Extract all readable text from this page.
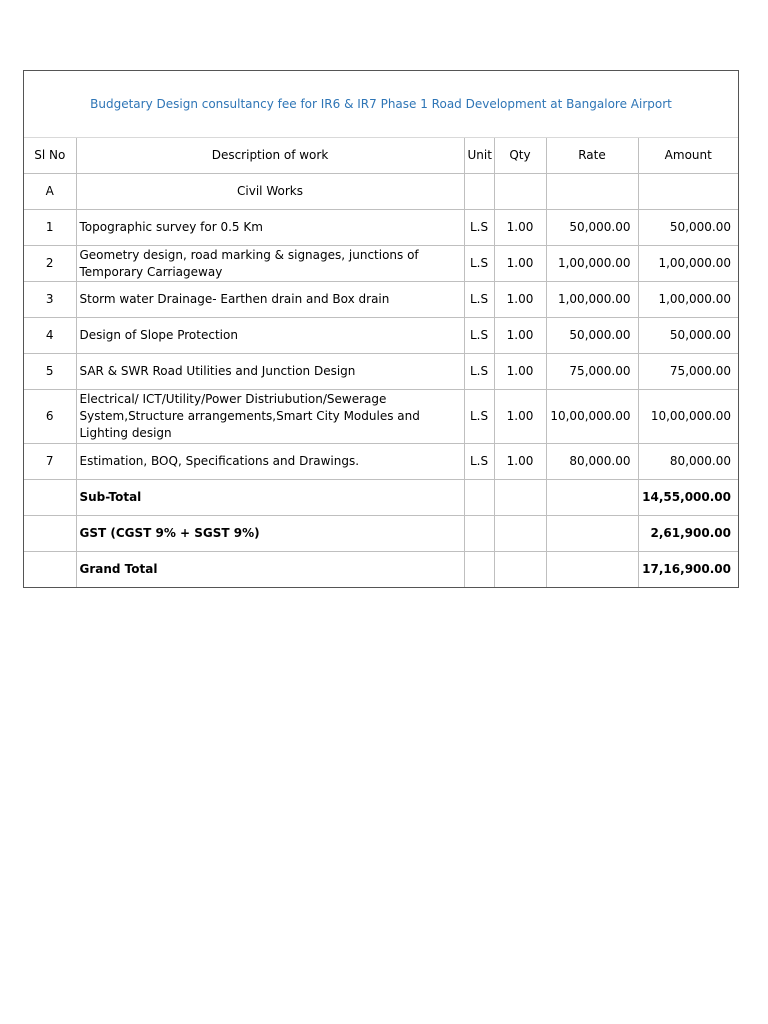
Budgetary Design consultancy fee for IR6 & IR7 Phase 1 Road Development at Bangalore Airport
Sl No	Description of work	Unit	Qty	Rate	Amount
A	Civil Works				
1	Topographic survey for 0.5 Km	L.S	1.00	50,000.00	50,000.00
2	Geometry design, road marking & signages, junctions of Temporary Carriageway	L.S	1.00	1,00,000.00	1,00,000.00
3	Storm water Drainage- Earthen drain and Box drain	L.S	1.00	1,00,000.00	1,00,000.00
4	Design of Slope Protection	L.S	1.00	50,000.00	50,000.00
5	SAR & SWR Road Utilities and Junction Design	L.S	1.00	75,000.00	75,000.00
6	Electrical/ ICT/Utility/Power Distriubution/Sewerage System,Structure arrangements,Smart City Modules and Lighting design	L.S	1.00	10,00,000.00	10,00,000.00
7	Estimation, BOQ, Specifications and Drawings.	L.S	1.00	80,000.00	80,000.00
	Sub-Total				14,55,000.00
	GST (CGST 9% + SGST 9%)				2,61,900.00
	Grand Total				17,16,900.00
